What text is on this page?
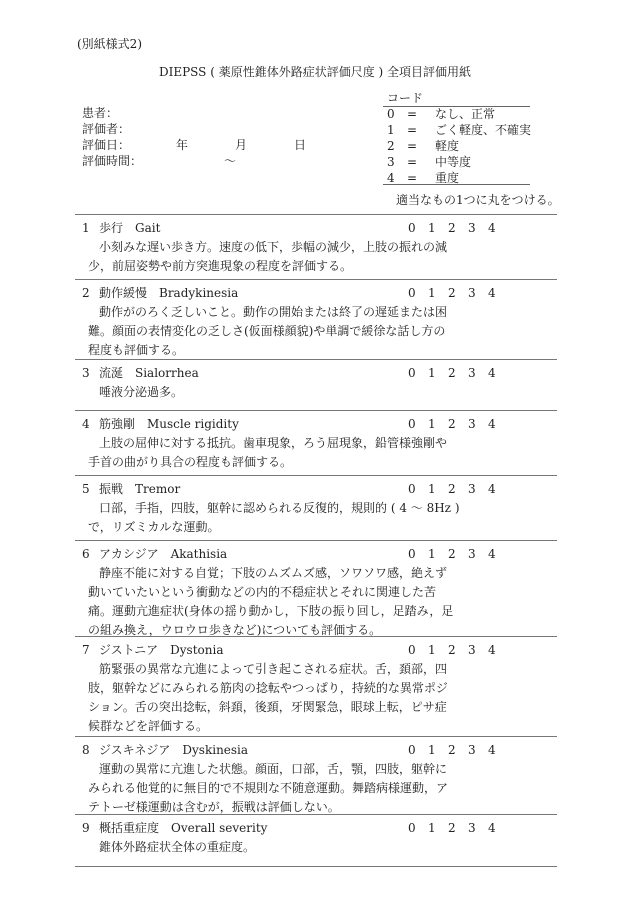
(別紙様式2)
DIEPSS ( 薬原性錐体外路症状評価尺度 ) 全項目評価用紙
患者：
評価者：
評価日：	年	月	日
評価時間：	～
コード
0 = なし、正常
1 = ごく軽度、不確実
2 = 軽度
3 = 中等度
4 = 重度
適当なもの1つに丸をつける。
1 歩行　Gait	0 1 2 3 4
小刻みな遅い歩き方。速度の低下，歩幅の減少，上肢の振れの減
少，前屈姿勢や前方突進現象の程度を評価する。
2 動作緩慢　Bradykinesia	0 1 2 3 4
動作がのろく乏しいこと。動作の開始または終了の遅延または困
難。顔面の表情変化の乏しさ(仮面様顔貌)や単調で緩徐な話し方の
程度も評価する。
3 流涎　Sialorrhea	0 1 2 3 4
唾液分泌過多。
4 筋強剛　Muscle rigidity	0 1 2 3 4
上肢の屈伸に対する抵抗。歯車現象，ろう屈現象，鉛管様強剛や
手首の曲がり具合の程度も評価する。
5 振戦　Tremor	0 1 2 3 4
口部，手指，四肢，躯幹に認められる反復的，規則的 ( 4 ～ 8Hz )
で，リズミカルな運動。
6 アカシジア　Akathisia	0 1 2 3 4
静座不能に対する自覚；下肢のムズムズ感，ソワソワ感，絶えず
動いていたいという衝動などの内的不穏症状とそれに関連した苦
痛。運動亢進症状(身体の揺り動かし，下肢の振り回し，足踏み，足
の組み換え，ウロウロ歩きなど)についても評価する。
7 ジストニア　Dystonia	0 1 2 3 4
筋緊張の異常な亢進によって引き起こされる症状。舌，頚部，四
肢，躯幹などにみられる筋肉の捻転やつっぱり，持続的な異常ポジ
ション。舌の突出捻転，斜頚，後頚，牙関緊急，眼球上転，ピサ症
候群などを評価する。
8 ジスキネジア　Dyskinesia	0 1 2 3 4
運動の異常に亢進した状態。顔面，口部，舌，顎，四肢，躯幹に
みられる他覚的に無目的で不規則な不随意運動。舞踏病様運動，ア
テトーゼ様運動は含むが，振戦は評価しない。
9 概括重症度　Overall severity	0 1 2 3 4
錐体外路症状全体の重症度。
